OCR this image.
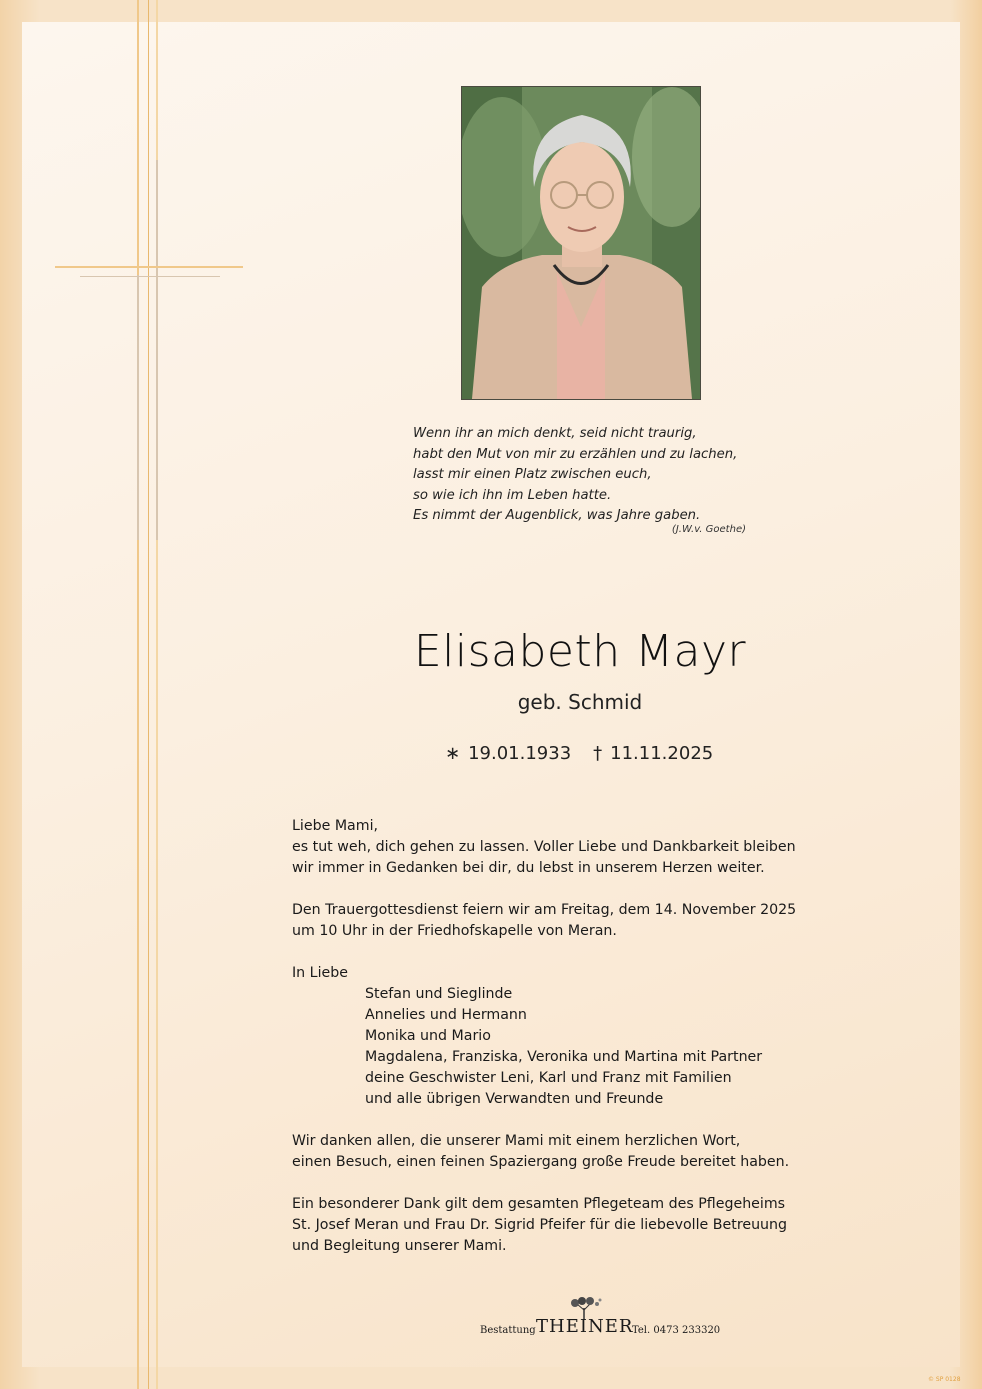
Wenn ihr an mich denkt, seid nicht traurig,
habt den Mut von mir zu erzählen und zu lachen,
lasst mir einen Platz zwischen euch,
so wie ich ihn im Leben hatte.
Es nimmt der Augenblick, was Jahre gaben.
(J.W.v. Goethe)
Elisabeth Mayr
geb. Schmid
∗ 19.01.1933 † 11.11.2025
Liebe Mami,
es tut weh, dich gehen zu lassen. Voller Liebe und Dankbarkeit bleiben
wir immer in Gedanken bei dir, du lebst in unserem Herzen weiter.
Den Trauergottesdienst feiern wir am Freitag, dem 14. November 2025
um 10 Uhr in der Friedhofskapelle von Meran.
In Liebe
Stefan und Sieglinde
Annelies und Hermann
Monika und Mario
Magdalena, Franziska, Veronika und Martina mit Partner
deine Geschwister Leni, Karl und Franz mit Familien
und alle übrigen Verwandten und Freunde
Wir danken allen, die unserer Mami mit einem herzlichen Wort,
einen Besuch, einen feinen Spaziergang große Freude bereitet haben.
Ein besonderer Dank gilt dem gesamten Pflegeteam des Pflegeheims
St. Josef Meran und Frau Dr. Sigrid Pfeifer für die liebevolle Betreuung
und Begleitung unserer Mami.
Bestattung THEINER
Tel. 0473 233320
© SP 0128
